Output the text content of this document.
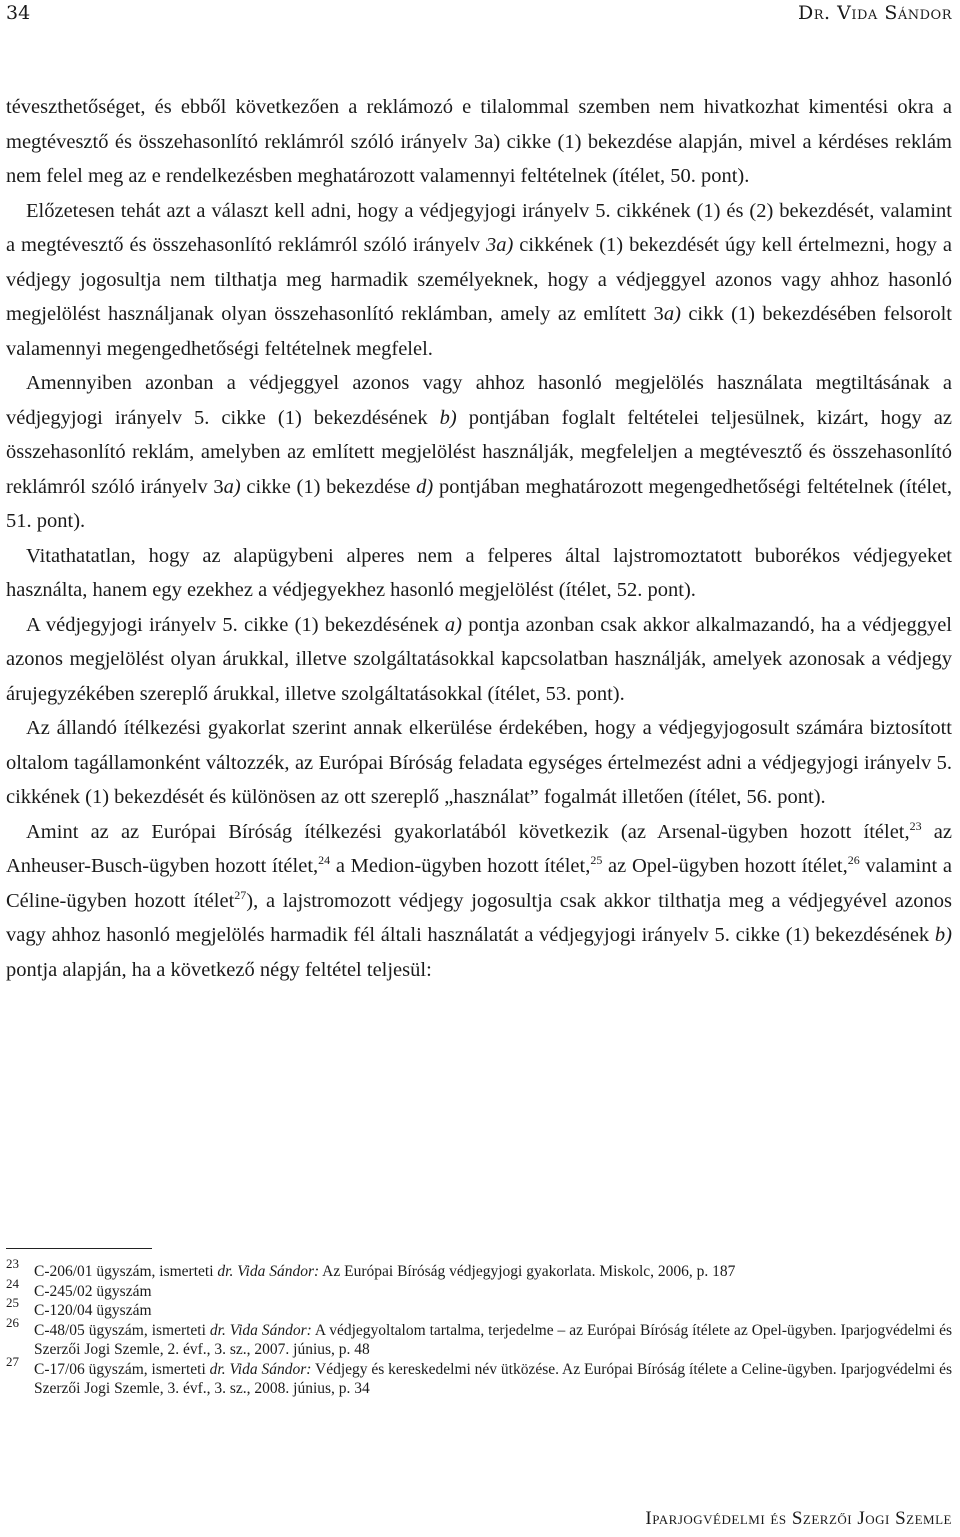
34	Dr. Vida Sándor

téveszthetőséget, és ebből következően a reklámozó e tilalommal szemben nem hivatkozhat kimentési okra a megtévesztő és összehasonlító reklámról szóló irányelv 3a) cikke (1) bekezdése alapján, mivel a kérdéses reklám nem felel meg az e rendelkezésben meghatározott valamennyi feltételnek (ítélet, 50. pont).

Előzetesen tehát azt a választ kell adni, hogy a védjegyjogi irányelv 5. cikkének (1) és (2) bekezdését, valamint a megtévesztő és összehasonlító reklámról szóló irányelv 3a) cikkének (1) bekezdését úgy kell értelmezni, hogy a védjegy jogosultja nem tilthatja meg harmadik személyeknek, hogy a védjeggyel azonos vagy ahhoz hasonló megjelölést használjanak olyan összehasonlító reklámban, amely az említett 3a) cikk (1) bekezdésében felsorolt valamennyi megengedhetőségi feltételnek megfelel.

Amennyiben azonban a védjeggyel azonos vagy ahhoz hasonló megjelölés használata megtiltásának a védjegyjogi irányelv 5. cikke (1) bekezdésének b) pontjában foglalt feltételei teljesülnek, kizárt, hogy az összehasonlító reklám, amelyben az említett megjelölést használják, megfeleljen a megtévesztő és összehasonlító reklámról szóló irányelv 3a) cikke (1) bekezdése d) pontjában meghatározott megengedhetőségi feltételnek (ítélet, 51. pont).

Vitathatatlan, hogy az alapügybeni alperes nem a felperes által lajstromoztatott buborékos védjegyeket használta, hanem egy ezekhez a védjegyekhez hasonló megjelölést (ítélet, 52. pont).

A védjegyjogi irányelv 5. cikke (1) bekezdésének a) pontja azonban csak akkor alkalmazandó, ha a védjeggyel azonos megjelölést olyan árukkal, illetve szolgáltatásokkal kapcsolatban használják, amelyek azonosak a védjegy árujegyzékében szereplő árukkal, illetve szolgáltatásokkal (ítélet, 53. pont).

Az állandó ítélkezési gyakorlat szerint annak elkerülése érdekében, hogy a védjegyjogosult számára biztosított oltalom tagállamonként változzék, az Európai Bíróság feladata egységes értelmezést adni a védjegyjogi irányelv 5. cikkének (1) bekezdését és különösen az ott szereplő „használat” fogalmát illetően (ítélet, 56. pont).

Amint az az Európai Bíróság ítélkezési gyakorlatából következik (az Arsenal-ügyben hozott ítélet,$^{23}$ az Anheuser-Busch-ügyben hozott ítélet,$^{24}$ a Medion-ügyben hozott ítélet,$^{25}$ az Opel-ügyben hozott ítélet,$^{26}$ valamint a Céline-ügyben hozott ítélet$^{27}$), a lajstromozott védjegy jogosultja csak akkor tilthatja meg a védjegyével azonos vagy ahhoz hasonló megjelölés harmadik fél általi használatát a védjegyjogi irányelv 5. cikke (1) bekezdésének b) pontja alapján, ha a következő négy feltétel teljesül:

23 C-206/01 ügyszám, ismerteti dr. Vida Sándor: Az Európai Bíróság védjegyjogi gyakorlata. Miskolc, 2006, p. 187

24 C-245/02 ügyszám

25 C-120/04 ügyszám

26 C-48/05 ügyszám, ismerteti dr. Vida Sándor: A védjegyoltalom tartalma, terjedelme – az Európai Bíróság ítélete az Opel-ügyben. Iparjogvédelmi és Szerzői Jogi Szemle, 2. évf., 3. sz., 2007. június, p. 48

27 C-17/06 ügyszám, ismerteti dr. Vida Sándor: Védjegy és kereskedelmi név ütközése. Az Európai Bíróság ítélete a Celine-ügyben. Iparjogvédelmi és Szerzői Jogi Szemle, 3. évf., 3. sz., 2008. június, p. 34

Iparjogvédelmi és Szerzői Jogi Szemle
